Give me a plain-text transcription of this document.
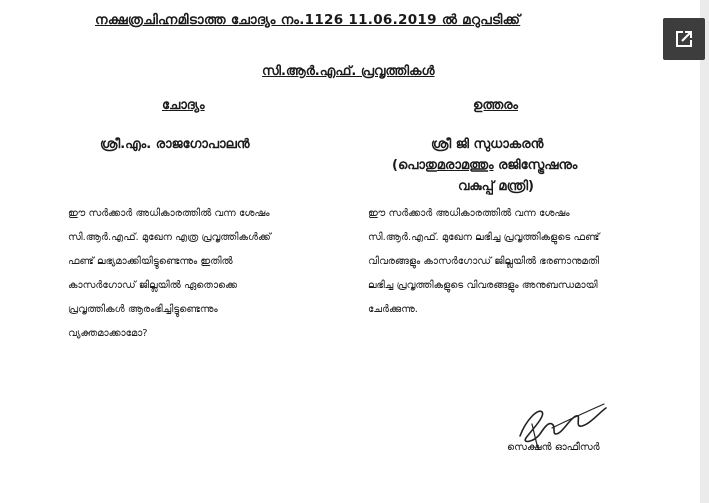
നക്ഷത്രചിഹ്നമിടാത്ത ചോദ്യം നം.1126 11.06.2019 ൽ മറുപടിക്ക്
സി.ആർ.എഫ്. പ്രവൃത്തികൾ
ചോദ്യം	ഉത്തരം
ശ്രീ.എം. രാജഗോപാലൻ	ശ്രീ ജി സുധാകരൻ
(പൊതുമരാമത്തും രജിസ്ട്രേഷനും
വകുപ്പ് മന്ത്രി)
ഈ സർക്കാർ അധികാരത്തിൽ വന്ന ശേഷം
സി.ആർ.എഫ്. മുഖേന എത്ര പ്രവൃത്തികൾക്ക്
ഫണ്ട് ലഭ്യമാക്കിയിട്ടുണ്ടെന്നും ഇതിൽ
കാസർഗോഡ് ജില്ലയിൽ ഏതൊക്കെ
പ്രവൃത്തികൾ ആരംഭിച്ചിട്ടുണ്ടെന്നും
വ്യക്തമാക്കാമോ?
ഈ സർക്കാർ അധികാരത്തിൽ വന്ന ശേഷം
സി.ആർ.എഫ്. മുഖേന ലഭിച്ച പ്രവൃത്തികളുടെ ഫണ്ട്
വിവരങ്ങളും കാസർഗോഡ് ജില്ലയിൽ ഭരണാനുമതി
ലഭിച്ച പ്രവൃത്തികളുടെ വിവരങ്ങളും അനുബന്ധമായി
ചേർക്കുന്നു.
സെക്ഷൻ ഓഫീസർ
